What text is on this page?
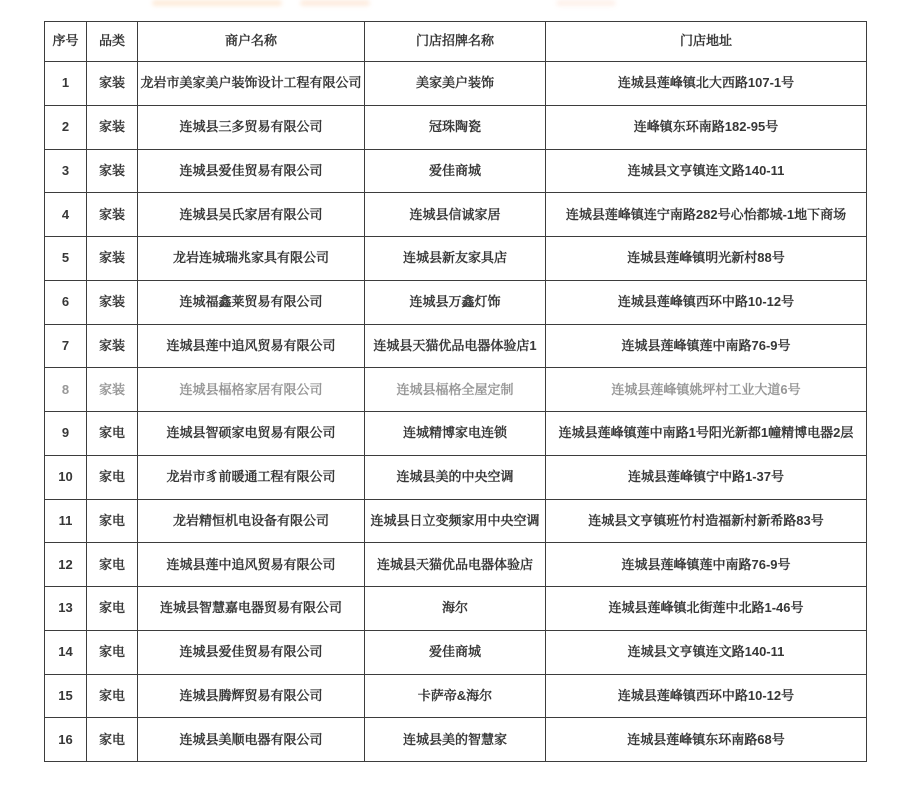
序号	品类	商户名称	门店招牌名称	门店地址
1	家装	龙岩市美家美户装饰设计工程有限公司	美家美户装饰	连城县莲峰镇北大西路107-1号
2	家装	连城县三多贸易有限公司	冠珠陶瓷	连峰镇东环南路182-95号
3	家装	连城县爱佳贸易有限公司	爱佳商城	连城县文亨镇连文路140-11
4	家装	连城县吴氏家居有限公司	连城县信诚家居	连城县莲峰镇连宁南路282号心怡都城-1地下商场
5	家装	龙岩连城瑞兆家具有限公司	连城县新友家具店	连城县莲峰镇明光新村88号
6	家装	连城福鑫莱贸易有限公司	连城县万鑫灯饰	连城县莲峰镇西环中路10-12号
7	家装	连城县莲中追风贸易有限公司	连城县天猫优品电器体验店1	连城县莲峰镇莲中南路76-9号
8	家装	连城县楅格家居有限公司	连城县楅格全屋定制	连城县莲峰镇姚坪村工业大道6号
9	家电	连城县智硕家电贸易有限公司	连城精博家电连锁	连城县莲峰镇莲中南路1号阳光新都1幢精博电器2层
10	家电	龙岩市豸前暖通工程有限公司	连城县美的中央空调	连城县莲峰镇宁中路1-37号
11	家电	龙岩精恒机电设备有限公司	连城县日立变频家用中央空调	连城县文亨镇班竹村造福新村新希路83号
12	家电	连城县莲中追风贸易有限公司	连城县天猫优品电器体验店	连城县莲峰镇莲中南路76-9号
13	家电	连城县智慧嘉电器贸易有限公司	海尔	连城县莲峰镇北街莲中北路1-46号
14	家电	连城县爱佳贸易有限公司	爱佳商城	连城县文亨镇连文路140-11
15	家电	连城县腾辉贸易有限公司	卡萨帝&海尔	连城县莲峰镇西环中路10-12号
16	家电	连城县美顺电器有限公司	连城县美的智慧家	连城县莲峰镇东环南路68号
